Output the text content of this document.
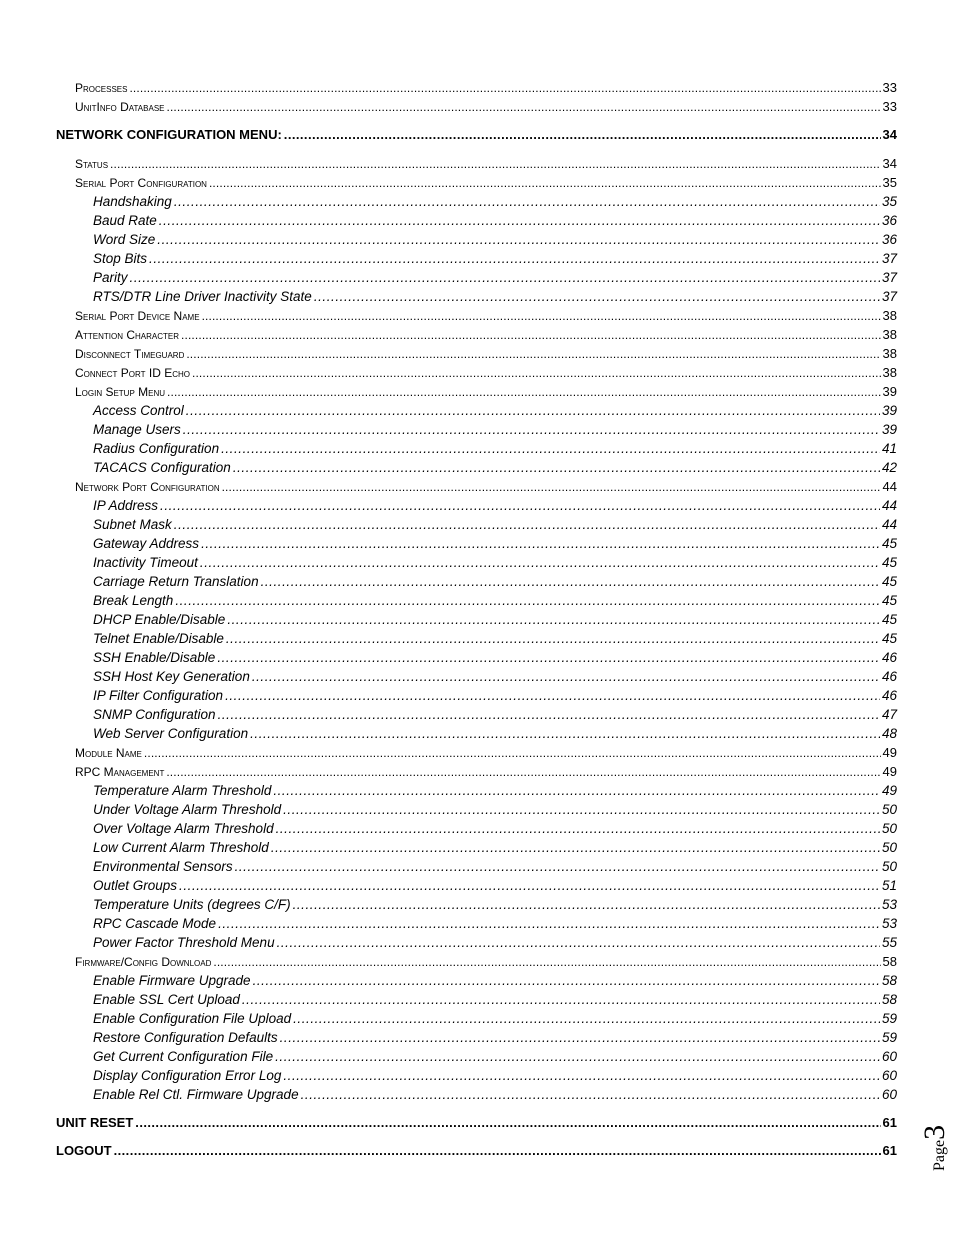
Processes . . .	33
UnitInfo Database . . .	33
NETWORK CONFIGURATION MENU: . . .	34
Status . . .	34
Serial Port Configuration . . .	35
Handshaking . . .	35
Baud Rate . . .	36
Word Size . . .	36
Stop Bits . . .	37
Parity . . .	37
RTS/DTR Line Driver Inactivity State . . .	37
Serial Port Device Name . . .	38
Attention Character . . .	38
Disconnect Timeguard . . .	38
Connect Port ID Echo . . .	38
Login Setup Menu . . .	39
Access Control . . .	39
Manage Users . . .	39
Radius Configuration . . .	41
TACACS Configuration . . .	42
Network Port Configuration . . .	44
IP Address . . .	44
Subnet Mask . . .	44
Gateway Address . . .	45
Inactivity Timeout . . .	45
Carriage Return Translation . . .	45
Break Length . . .	45
DHCP Enable/Disable . . .	45
Telnet Enable/Disable . . .	45
SSH Enable/Disable . . .	46
SSH Host Key Generation . . .	46
IP Filter Configuration . . .	46
SNMP Configuration . . .	47
Web Server Configuration . . .	48
Module Name . . .	49
RPC Management . . .	49
Temperature Alarm Threshold . . .	49
Under Voltage Alarm Threshold . . .	50
Over Voltage Alarm Threshold . . .	50
Low Current Alarm Threshold . . .	50
Environmental Sensors . . .	50
Outlet Groups . . .	51
Temperature Units (degrees C/F) . . .	53
RPC Cascade Mode . . .	53
Power Factor Threshold Menu . . .	55
Firmware/Config Download . . .	58
Enable Firmware Upgrade . . .	58
Enable SSL Cert Upload . . .	58
Enable Configuration File Upload . . .	59
Restore Configuration Defaults . . .	59
Get Current Configuration File . . .	60
Display Configuration Error Log . . .	60
Enable Rel Ctl. Firmware Upgrade . . .	60
UNIT RESET . . .	61
LOGOUT . . .	61	Page3
